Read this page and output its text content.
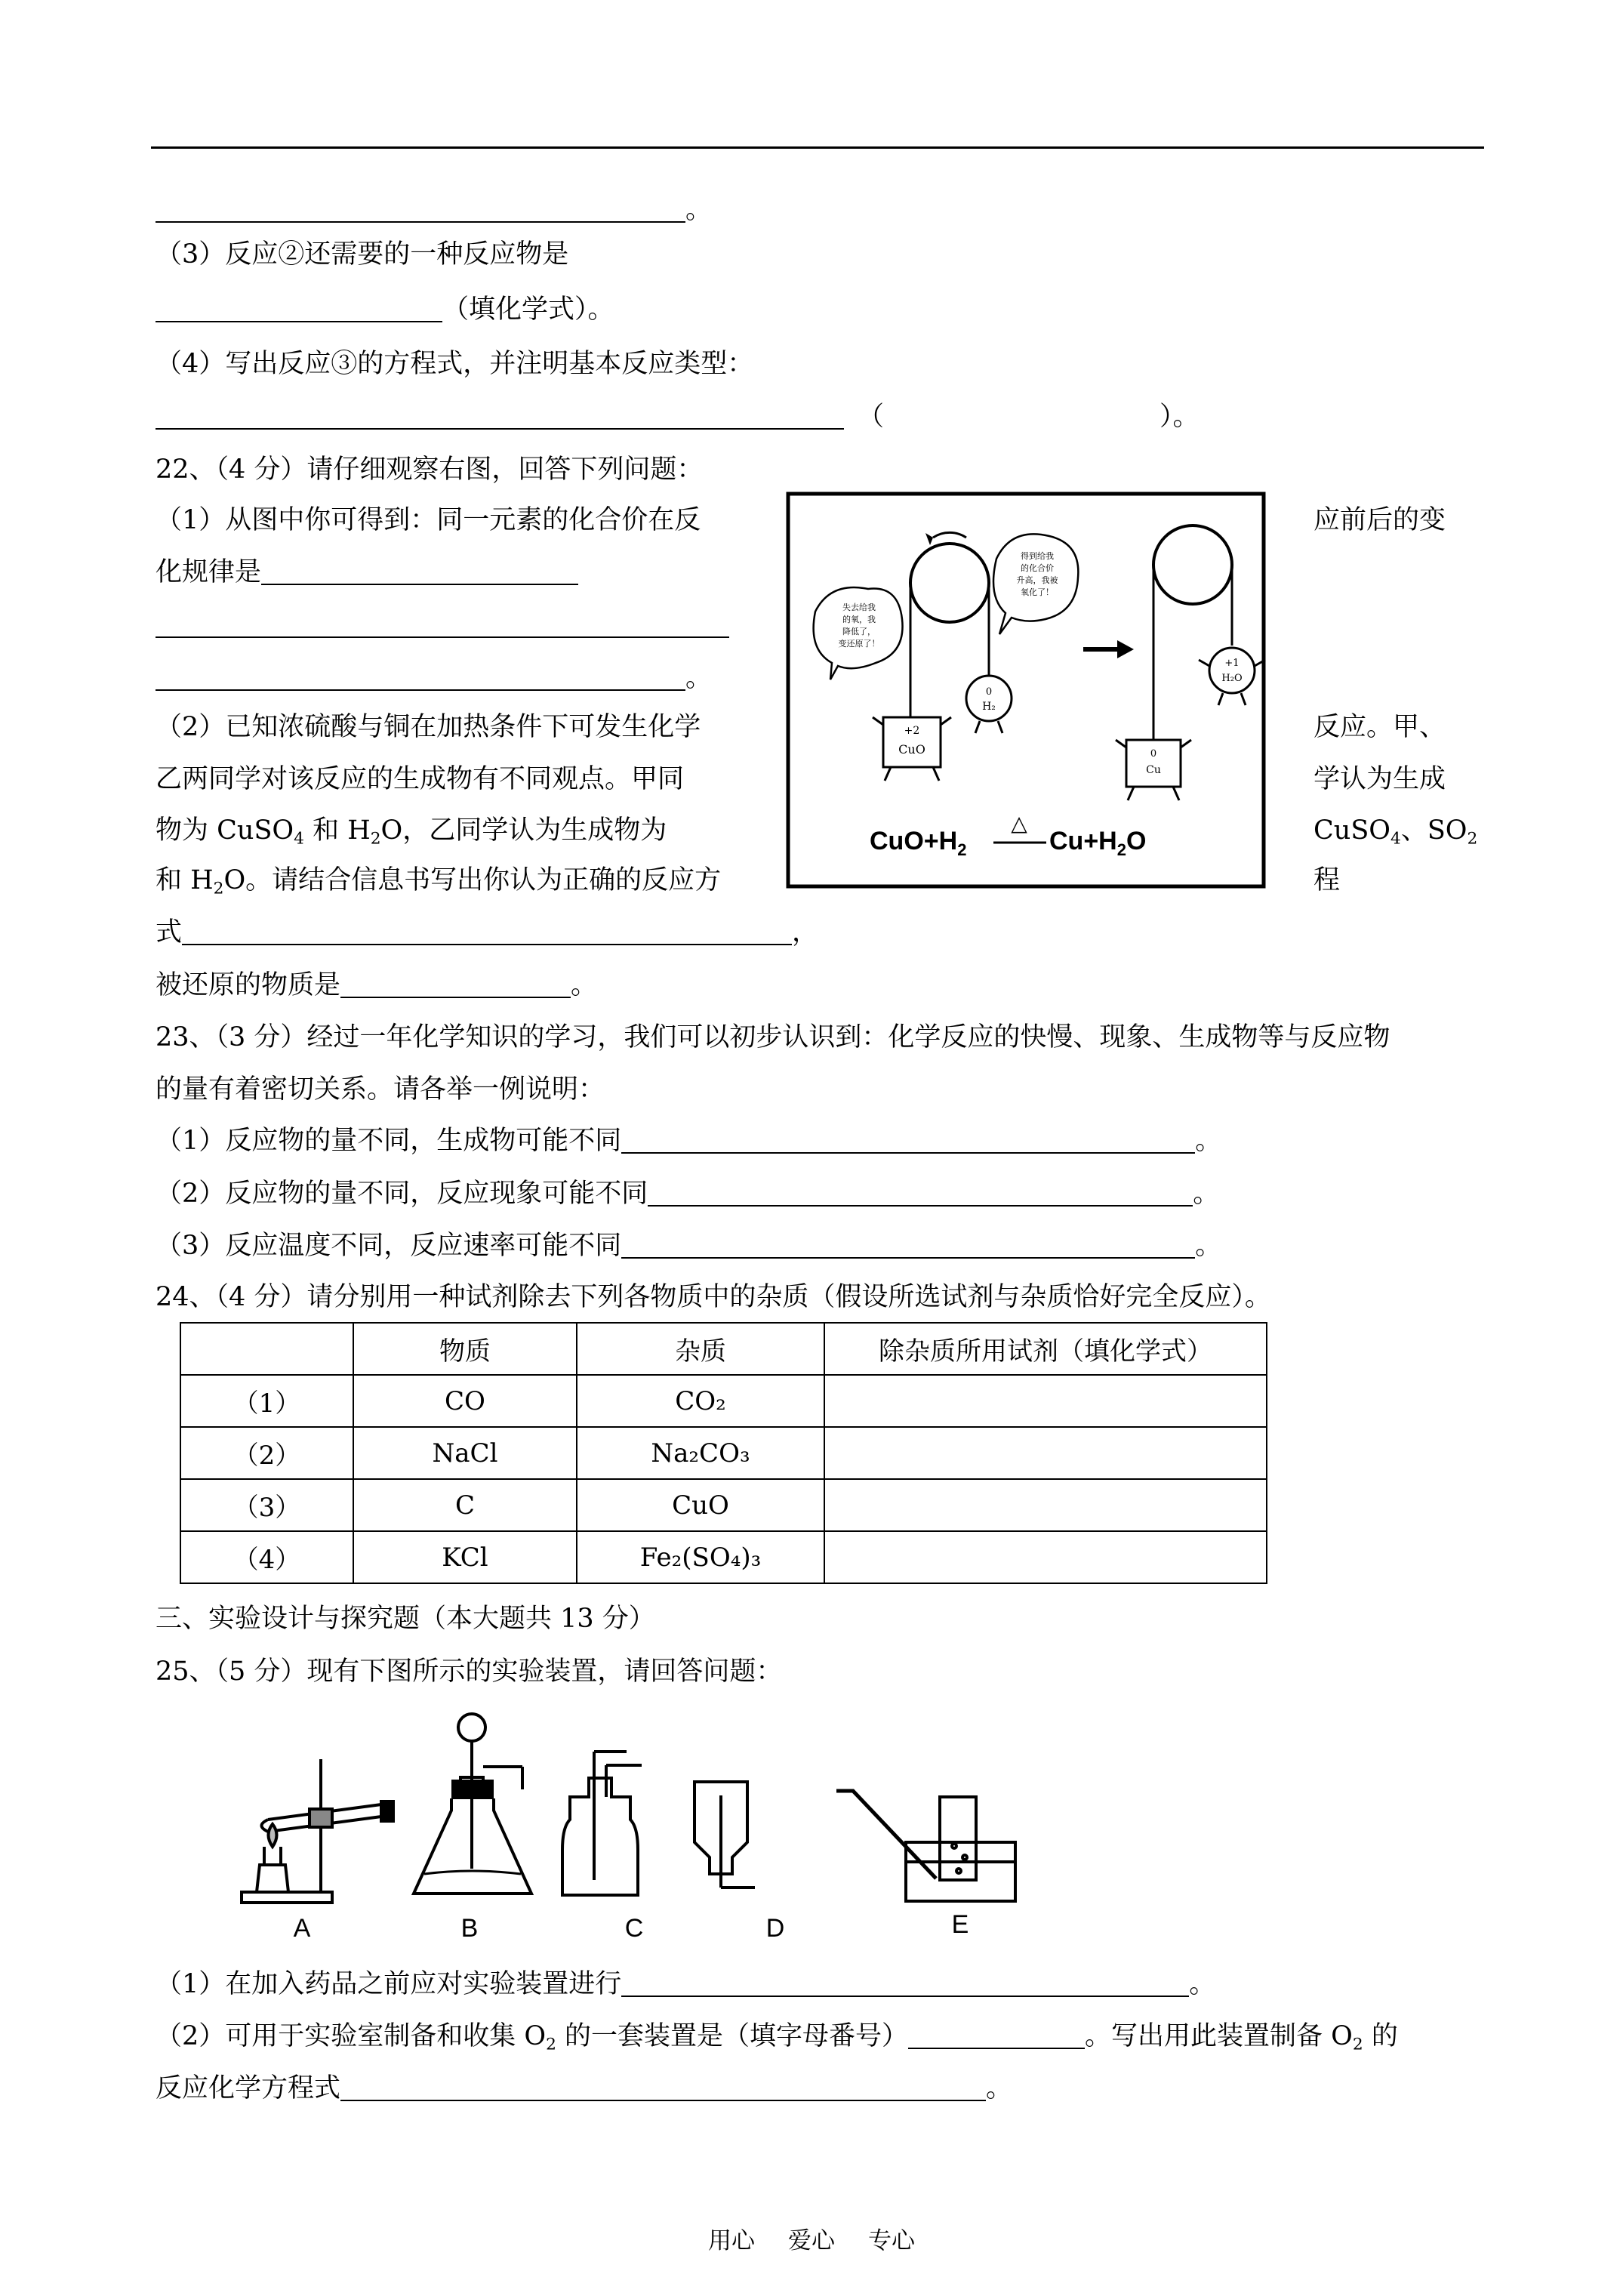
。
（3）反应②还需要的一种反应物是
（填化学式）。
（4）写出反应③的方程式，并注明基本反应类型：
（	）。
22、（4 分）请仔细观察右图，回答下列问题：
（1）从图中你可得到：同一元素的化合价在反	应前后的变
化规律是
。
（2）已知浓硫酸与铜在加热条件下可发生化学	反应。甲、
乙两同学对该反应的生成物有不同观点。甲同	学认为生成
物为 CuSO$_4$ 和 $H_2O$，乙同学认为生成物为	CuSO$_4$、$SO_2$
和 $H_2O$。请结合信息书写出你认为正确的反应方	程
式	，
被还原的物质是	。
+2
CuO
0
H₂
失去给我
的氧，我
降低了，
变还原了！
得到给我
的化合价
升高，我被
氧化了！
+1
H₂O
0
Cu
$CuO+H_2$
△
$Cu+H_2O$
23、（3 分）经过一年化学知识的学习，我们可以初步认识到：化学反应的快慢、现象、生成物等与反应物
的量有着密切关系。请各举一例说明：
（1）反应物的量不同，生成物可能不同	。
（2）反应物的量不同，反应现象可能不同	。
（3）反应温度不同，反应速率可能不同	。
24、（4 分）请分别用一种试剂除去下列各物质中的杂质（假设所选试剂与杂质恰好完全反应）。
	物质	杂质	除杂质所用试剂（填化学式）
（1）	CO	CO₂	
（2）	NaCl	Na₂CO₃	
（3）	C	CuO	
（4）	KCl	Fe₂(SO₄)₃	
三、实验设计与探究题（本大题共 13 分）
25、（5 分）现有下图所示的实验装置，请回答问题：
A	B	C	D	E
（1）在加入药品之前应对实验装置进行	。
（2）可用于实验室制备和收集 $O_2$ 的一套装置是（填字母番号）	。写出用此装置制备 $O_2$ 的
反应化学方程式	。
用心 爱心 专心
